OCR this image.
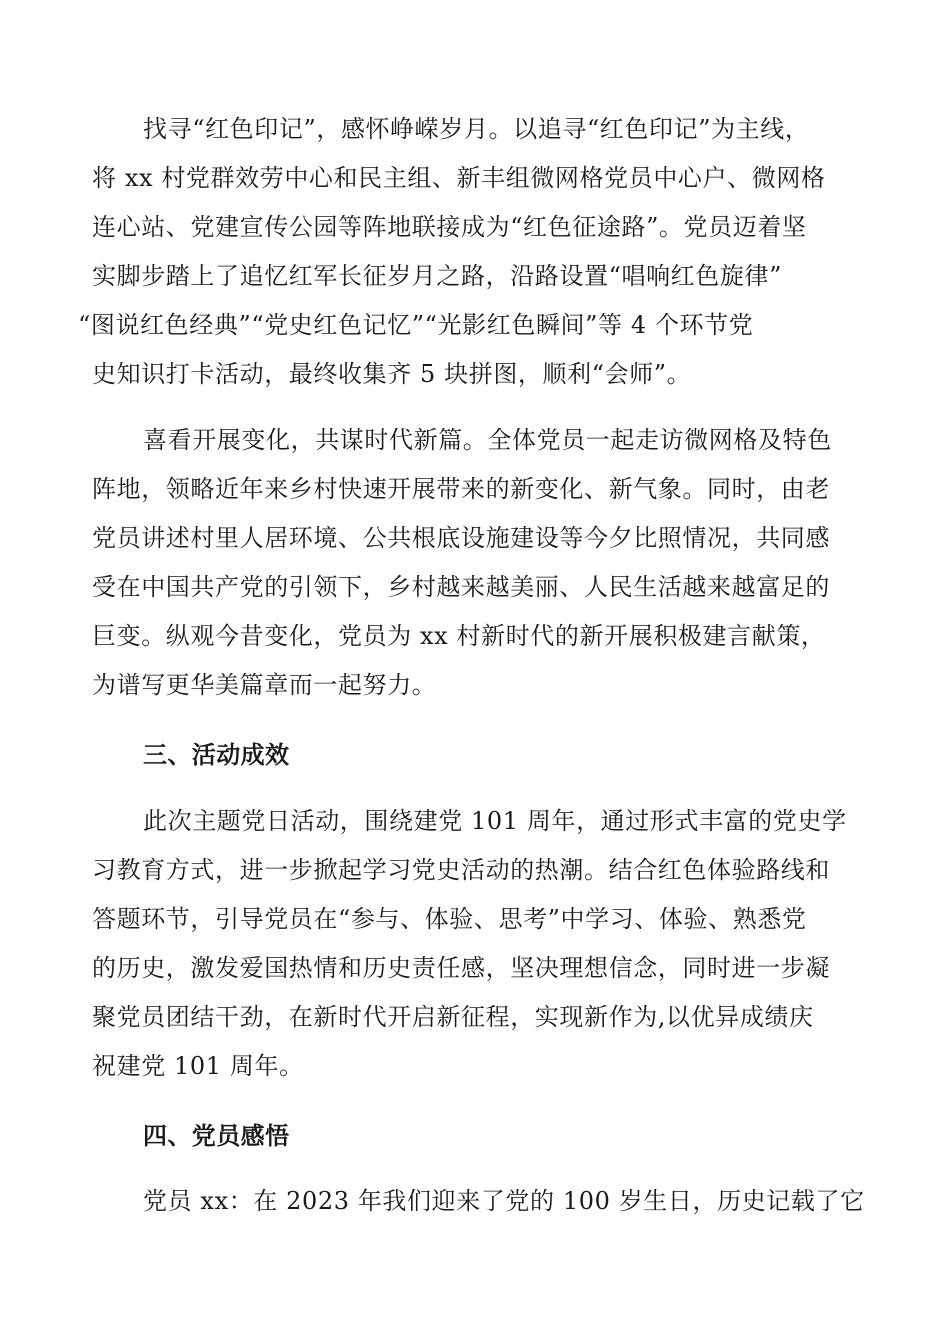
找寻“红色印记”，感怀峥嵘岁月。以追寻“红色印记”为主线，
将 xx 村党群效劳中心和民主组、新丰组微网格党员中心户、微网格
连心站、党建宣传公园等阵地联接成为“红色征途路”。党员迈着坚
实脚步踏上了追忆红军长征岁月之路，沿路设置“唱响红色旋律”
“图说红色经典”“党史红色记忆”“光影红色瞬间”等 4 个环节党
史知识打卡活动，最终收集齐 5 块拼图，顺利“会师”。
喜看开展变化，共谋时代新篇。全体党员一起走访微网格及特色
阵地，领略近年来乡村快速开展带来的新变化、新气象。同时，由老
党员讲述村里人居环境、公共根底设施建设等今夕比照情况，共同感
受在中国共产党的引领下，乡村越来越美丽、人民生活越来越富足的
巨变。纵观今昔变化，党员为 xx 村新时代的新开展积极建言献策，
为谱写更华美篇章而一起努力。
三、活动成效
此次主题党日活动，围绕建党 101 周年，通过形式丰富的党史学
习教育方式，进一步掀起学习党史活动的热潮。结合红色体验路线和
答题环节，引导党员在“参与、体验、思考”中学习、体验、熟悉党
的历史，激发爱国热情和历史责任感，坚决理想信念，同时进一步凝
聚党员团结干劲，在新时代开启新征程，实现新作为,以优异成绩庆
祝建党 101 周年。
四、党员感悟
党员 xx：在 2023 年我们迎来了党的 100 岁生日，历史记载了它
